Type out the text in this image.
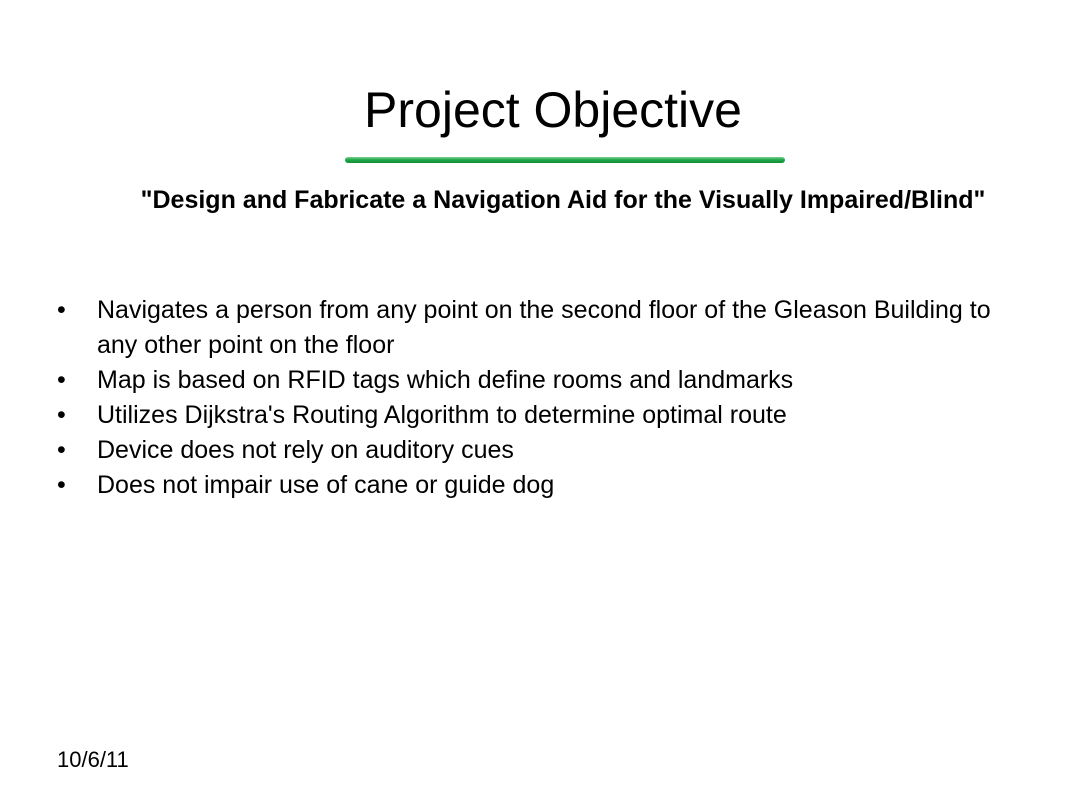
Project Objective

"Design and Fabricate a Navigation Aid for the Visually Impaired/Blind"

• Navigates a person from any point on the second floor of the Gleason Building to any other point on the floor
• Map is based on RFID tags which define rooms and landmarks
• Utilizes Dijkstra's Routing Algorithm to determine optimal route
• Device does not rely on auditory cues
• Does not impair use of cane or guide dog
10/6/11
